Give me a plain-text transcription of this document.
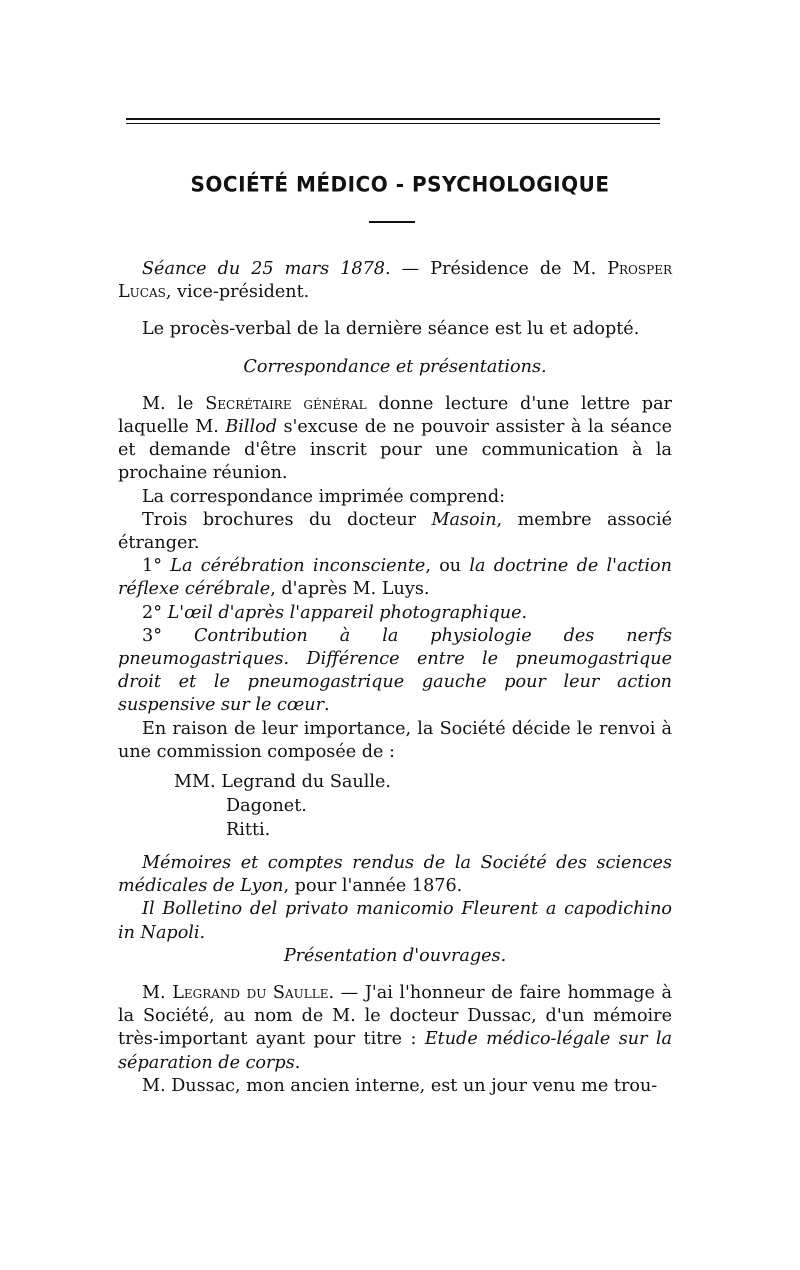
SOCIÉTÉ MÉDICO - PSYCHOLOGIQUE

Séance du 25 mars 1878. — Présidence de M. Prosper Lucas, vice-président.

Le procès-verbal de la dernière séance est lu et adopté.

Correspondance et présentations.

M. le Secrétaire général donne lecture d'une lettre par laquelle M. Billod s'excuse de ne pouvoir assister à la séance et demande d'être inscrit pour une communication à la prochaine réunion.

La correspondance imprimée comprend:

Trois brochures du docteur Masoin, membre associé étranger.

1° La cérébration inconsciente, ou la doctrine de l'action réflexe cérébrale, d'après M. Luys.

2° L'œil d'après l'appareil photographique.

3° Contribution à la physiologie des nerfs pneumogastriques. Différence entre le pneumogastrique droit et le pneumogastrique gauche pour leur action suspensive sur le cœur.

En raison de leur importance, la Société décide le renvoi à une commission composée de :

MM. Legrand du Saulle.
Dagonet.
Ritti.

Mémoires et comptes rendus de la Société des sciences médicales de Lyon, pour l'année 1876.

Il Bolletino del privato manicomio Fleurent a capodichino in Napoli.

Présentation d'ouvrages.

M. Legrand du Saulle. — J'ai l'honneur de faire hommage à la Société, au nom de M. le docteur Dussac, d'un mémoire très-important ayant pour titre : Etude médico-légale sur la séparation de corps.

M. Dussac, mon ancien interne, est un jour venu me trou-
